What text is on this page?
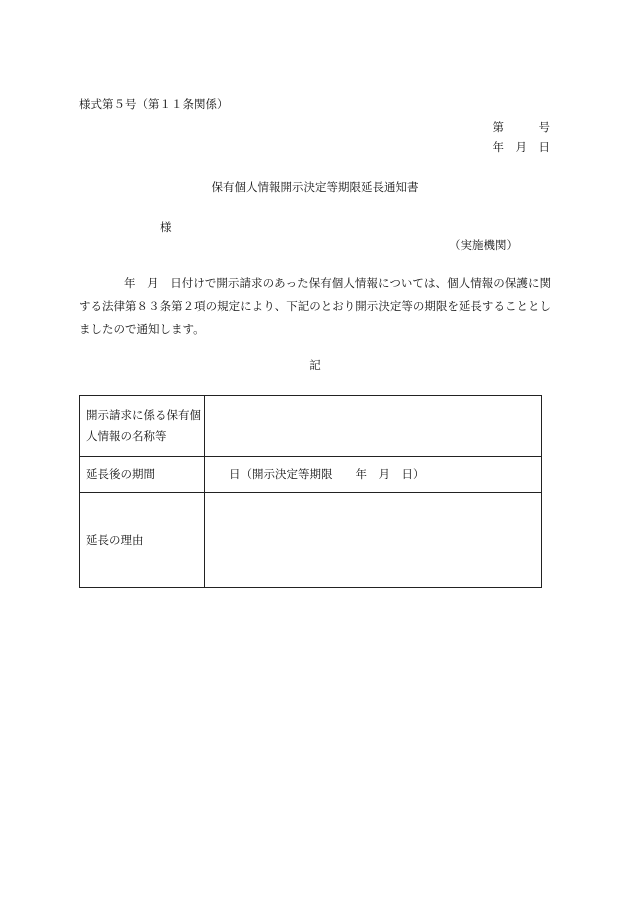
様式第５号（第１１条関係）
第　　　号
年　月　日
保有個人情報開示決定等期限延長通知書
様
（実施機関）
年　月　日付けで開示請求のあった保有個人情報については、個人情報の保護に関する法律第８３条第２項の規定により、下記のとおり開示決定等の期限を延長することとしましたので通知します。
記
開示請求に係る保有個人情報の名称等	
延長後の期間	日（開示決定等期限　　年　月　日）
延長の理由	
